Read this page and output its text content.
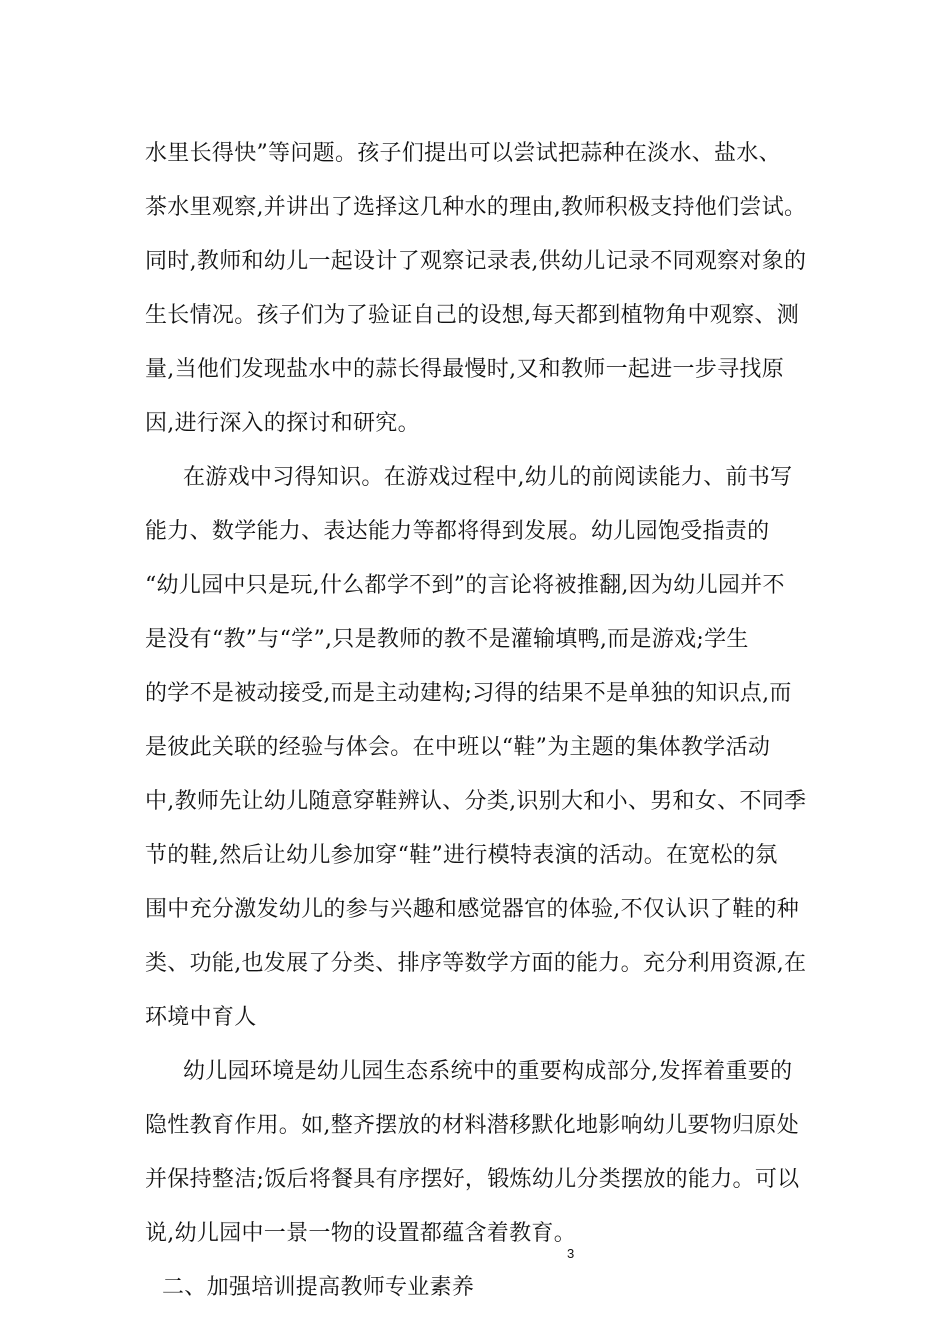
水里长得快”等问题。孩子们提出可以尝试把蒜种在淡水、盐水、
茶水里观察,并讲出了选择这几种水的理由,教师积极支持他们尝试。
同时,教师和幼儿一起设计了观察记录表,供幼儿记录不同观察对象的
生长情况。孩子们为了验证自己的设想,每天都到植物角中观察、测
量,当他们发现盐水中的蒜长得最慢时,又和教师一起进一步寻找原
因,进行深入的探讨和研究。
在游戏中习得知识。在游戏过程中,幼儿的前阅读能力、前书写
能力、数学能力、表达能力等都将得到发展。幼儿园饱受指责的
“幼儿园中只是玩,什么都学不到”的言论将被推翻,因为幼儿园并不
是没有“教”与“学”,只是教师的教不是灌输填鸭,而是游戏;学生
的学不是被动接受,而是主动建构;习得的结果不是单独的知识点,而
是彼此关联的经验与体会。在中班以“鞋”为主题的集体教学活动
中,教师先让幼儿随意穿鞋辨认、分类,识别大和小、男和女、不同季
节的鞋,然后让幼儿参加穿“鞋”进行模特表演的活动。在宽松的氛
围中充分激发幼儿的参与兴趣和感觉器官的体验,不仅认识了鞋的种
类、功能,也发展了分类、排序等数学方面的能力。充分利用资源,在
环境中育人
幼儿园环境是幼儿园生态系统中的重要构成部分,发挥着重要的
隐性教育作用。如,整齐摆放的材料潜移默化地影响幼儿要物归原处
并保持整洁;饭后将餐具有序摆好，锻炼幼儿分类摆放的能力。可以
说,幼儿园中一景一物的设置都蕴含着教育。
二、加强培训提高教师专业素养
3
